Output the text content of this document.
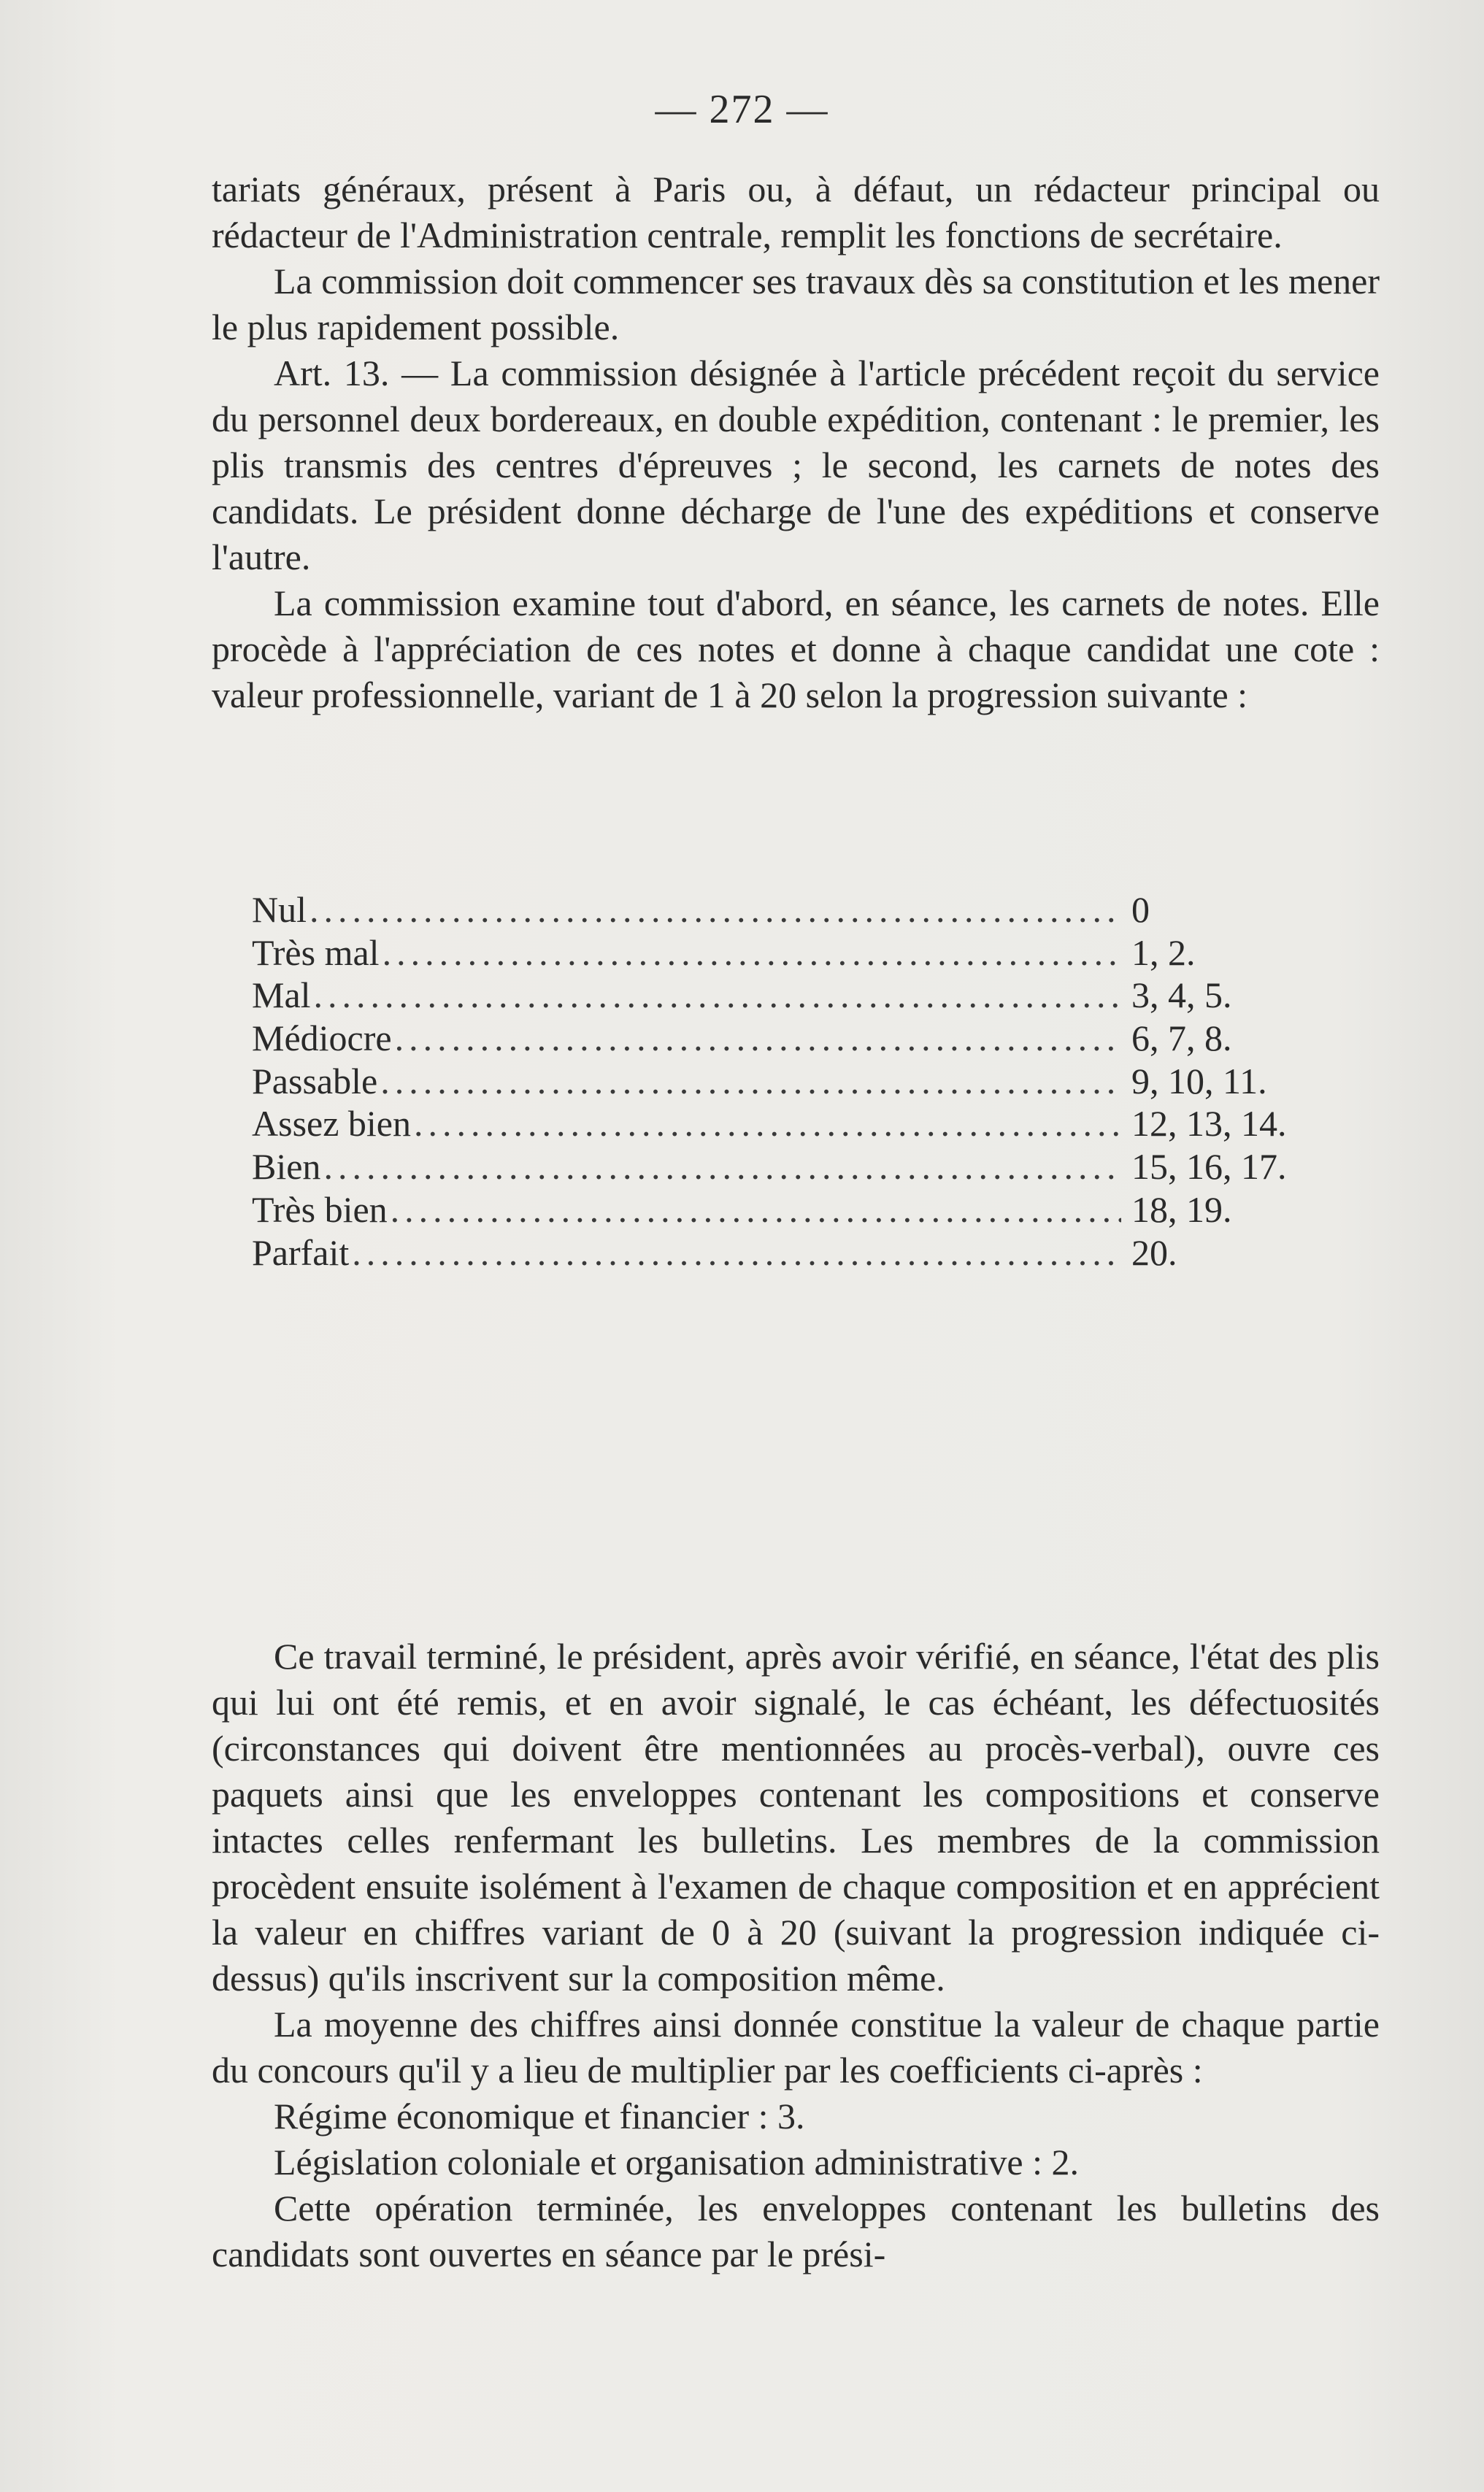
— 272 —

tariats généraux, présent à Paris ou, à défaut, un rédacteur principal ou rédacteur de l'Administration centrale, remplit les fonctions de secrétaire.

La commission doit commencer ses travaux dès sa constitution et les mener le plus rapidement possible.

Art. 13. — La commission désignée à l'article précédent reçoit du service du personnel deux bordereaux, en double expédition, contenant : le premier, les plis transmis des centres d'épreuves ; le second, les carnets de notes des candidats. Le président donne décharge de l'une des expéditions et conserve l'autre.

La commission examine tout d'abord, en séance, les carnets de notes. Elle procède à l'appréciation de ces notes et donne à chaque candidat une cote : valeur professionnelle, variant de 1 à 20 selon la progression suivante :

Nul .....	0
Très mal .....	1, 2.
Mal .....	3, 4, 5.
Médiocre .....	6, 7, 8.
Passable .....	9, 10, 11.
Assez bien .....	12, 13, 14.
Bien .....	15, 16, 17.
Très bien .....	18, 19.
Parfait .....	20.

Ce travail terminé, le président, après avoir vérifié, en séance, l'état des plis qui lui ont été remis, et en avoir signalé, le cas échéant, les défectuosités (circonstances qui doivent être mentionnées au procès-verbal), ouvre ces paquets ainsi que les enveloppes contenant les compositions et conserve intactes celles renfermant les bulletins. Les membres de la commission procèdent ensuite isolément à l'examen de chaque composition et en apprécient la valeur en chiffres variant de 0 à 20 (suivant la progression indiquée ci-dessus) qu'ils inscrivent sur la composition même.

La moyenne des chiffres ainsi donnée constitue la valeur de chaque partie du concours qu'il y a lieu de multiplier par les coefficients ci-après :

Régime économique et financier : 3.

Législation coloniale et organisation administrative : 2.

Cette opération terminée, les enveloppes contenant les bulletins des candidats sont ouvertes en séance par le prési-
